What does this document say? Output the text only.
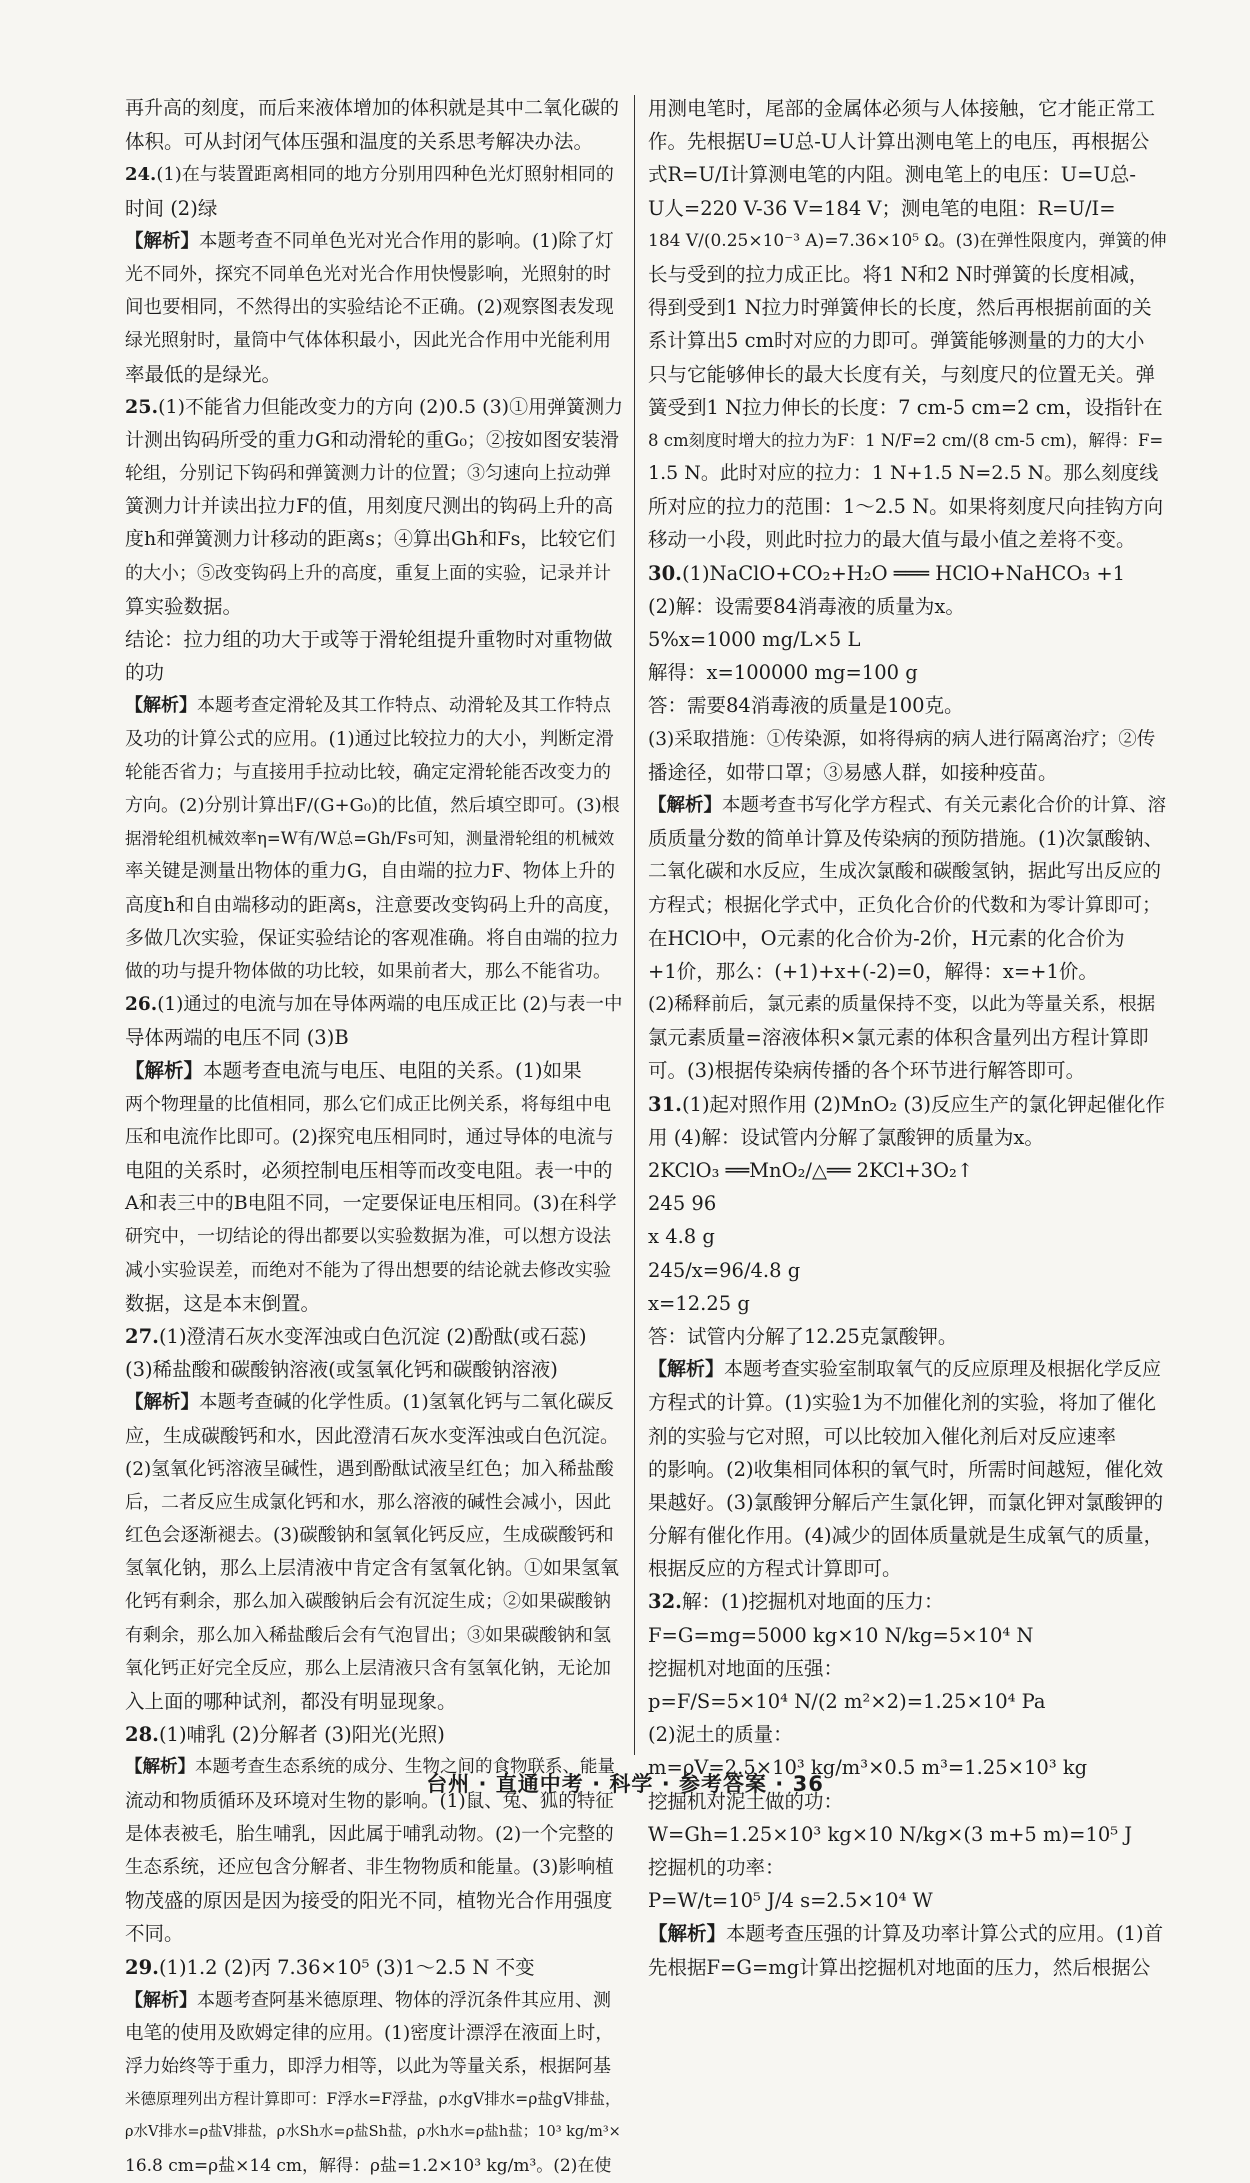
再升高的刻度，而后来液体增加的体积就是其中二氧化碳的
体积。可从封闭气体压强和温度的关系思考解决办法。
24.(1)在与装置距离相同的地方分别用四种色光灯照射相同的
时间 (2)绿
【解析】本题考查不同单色光对光合作用的影响。(1)除了灯
光不同外，探究不同单色光对光合作用快慢影响，光照射的时
间也要相同，不然得出的实验结论不正确。(2)观察图表发现
绿光照射时，量筒中气体体积最小，因此光合作用中光能利用
率最低的是绿光。
25.(1)不能省力但能改变力的方向 (2)0.5 (3)①用弹簧测力
计测出钩码所受的重力G和动滑轮的重G₀；②按如图安装滑
轮组，分别记下钩码和弹簧测力计的位置；③匀速向上拉动弹
簧测力计并读出拉力F的值，用刻度尺测出的钩码上升的高
度h和弹簧测力计移动的距离s；④算出Gh和Fs，比较它们
的大小；⑤改变钩码上升的高度，重复上面的实验，记录并计
算实验数据。
结论：拉力组的功大于或等于滑轮组提升重物时对重物做
的功
【解析】本题考查定滑轮及其工作特点、动滑轮及其工作特点
及功的计算公式的应用。(1)通过比较拉力的大小，判断定滑
轮能否省力；与直接用手拉动比较，确定定滑轮能否改变力的
方向。(2)分别计算出F/(G+G₀)的比值，然后填空即可。(3)根
据滑轮组机械效率η=W有/W总=Gh/Fs可知，测量滑轮组的机械效
率关键是测量出物体的重力G，自由端的拉力F、物体上升的
高度h和自由端移动的距离s，注意要改变钩码上升的高度，
多做几次实验，保证实验结论的客观准确。将自由端的拉力
做的功与提升物体做的功比较，如果前者大，那么不能省功。
26.(1)通过的电流与加在导体两端的电压成正比 (2)与表一中
导体两端的电压不同 (3)B
【解析】本题考查电流与电压、电阻的关系。(1)如果
两个物理量的比值相同，那么它们成正比例关系，将每组中电
压和电流作比即可。(2)探究电压相同时，通过导体的电流与
电阻的关系时，必须控制电压相等而改变电阻。表一中的
A和表三中的B电阻不同，一定要保证电压相同。(3)在科学
研究中，一切结论的得出都要以实验数据为准，可以想方设法
减小实验误差，而绝对不能为了得出想要的结论就去修改实验
数据，这是本末倒置。
27.(1)澄清石灰水变浑浊或白色沉淀 (2)酚酞(或石蕊)
(3)稀盐酸和碳酸钠溶液(或氢氧化钙和碳酸钠溶液)
【解析】本题考查碱的化学性质。(1)氢氧化钙与二氧化碳反
应，生成碳酸钙和水，因此澄清石灰水变浑浊或白色沉淀。
(2)氢氧化钙溶液呈碱性，遇到酚酞试液呈红色；加入稀盐酸
后，二者反应生成氯化钙和水，那么溶液的碱性会减小，因此
红色会逐渐褪去。(3)碳酸钠和氢氧化钙反应，生成碳酸钙和
氢氧化钠，那么上层清液中肯定含有氢氧化钠。①如果氢氧
化钙有剩余，那么加入碳酸钠后会有沉淀生成；②如果碳酸钠
有剩余，那么加入稀盐酸后会有气泡冒出；③如果碳酸钠和氢
氧化钙正好完全反应，那么上层清液只含有氢氧化钠，无论加
入上面的哪种试剂，都没有明显现象。
28.(1)哺乳 (2)分解者 (3)阳光(光照)
【解析】本题考查生态系统的成分、生物之间的食物联系、能量
流动和物质循环及环境对生物的影响。(1)鼠、兔、狐的特征
是体表被毛，胎生哺乳，因此属于哺乳动物。(2)一个完整的
生态系统，还应包含分解者、非生物物质和能量。(3)影响植
物茂盛的原因是因为接受的阳光不同，植物光合作用强度
不同。
29.(1)1.2 (2)丙 7.36×10⁵ (3)1～2.5 N 不变
【解析】本题考查阿基米德原理、物体的浮沉条件其应用、测
电笔的使用及欧姆定律的应用。(1)密度计漂浮在液面上时，
浮力始终等于重力，即浮力相等，以此为等量关系，根据阿基
米德原理列出方程计算即可：F浮水=F浮盐，ρ水gV排水=ρ盐gV排盐，
ρ水V排水=ρ盐V排盐，ρ水Sh水=ρ盐Sh盐，ρ水h水=ρ盐h盐；10³ kg/m³×
16.8 cm=ρ盐×14 cm，解得：ρ盐=1.2×10³ kg/m³。(2)在使
用测电笔时，尾部的金属体必须与人体接触，它才能正常工
作。先根据U=U总-U人计算出测电笔上的电压，再根据公
式R=U/I计算测电笔的内阻。测电笔上的电压：U=U总-
U人=220 V-36 V=184 V；测电笔的电阻：R=U/I=
184 V/(0.25×10⁻³ A)=7.36×10⁵ Ω。(3)在弹性限度内，弹簧的伸
长与受到的拉力成正比。将1 N和2 N时弹簧的长度相减，
得到受到1 N拉力时弹簧伸长的长度，然后再根据前面的关
系计算出5 cm时对应的力即可。弹簧能够测量的力的大小
只与它能够伸长的最大长度有关，与刻度尺的位置无关。弹
簧受到1 N拉力伸长的长度：7 cm-5 cm=2 cm，设指针在
8 cm刻度时增大的拉力为F：1 N/F=2 cm/(8 cm-5 cm)，解得：F=
1.5 N。此时对应的拉力：1 N+1.5 N=2.5 N。那么刻度线
所对应的拉力的范围：1～2.5 N。如果将刻度尺向挂钩方向
移动一小段，则此时拉力的最大值与最小值之差将不变。
30.(1)NaClO+CO₂+H₂O ═══ HClO+NaHCO₃ +1
(2)解：设需要84消毒液的质量为x。
5%x=1000 mg/L×5 L
解得：x=100000 mg=100 g
答：需要84消毒液的质量是100克。
(3)采取措施：①传染源，如将得病的病人进行隔离治疗；②传
播途径，如带口罩；③易感人群，如接种疫苗。
【解析】本题考查书写化学方程式、有关元素化合价的计算、溶
质质量分数的简单计算及传染病的预防措施。(1)次氯酸钠、
二氧化碳和水反应，生成次氯酸和碳酸氢钠，据此写出反应的
方程式；根据化学式中，正负化合价的代数和为零计算即可；
在HClO中，O元素的化合价为-2价，H元素的化合价为
+1价，那么：(+1)+x+(-2)=0，解得：x=+1价。
(2)稀释前后，氯元素的质量保持不变，以此为等量关系，根据
氯元素质量=溶液体积×氯元素的体积含量列出方程计算即
可。(3)根据传染病传播的各个环节进行解答即可。
31.(1)起对照作用 (2)MnO₂ (3)反应生产的氯化钾起催化作
用 (4)解：设试管内分解了氯酸钾的质量为x。
2KClO₃ ══MnO₂/△══ 2KCl+3O₂↑
245 96
x 4.8 g
245/x=96/4.8 g
x=12.25 g
答：试管内分解了12.25克氯酸钾。
【解析】本题考查实验室制取氧气的反应原理及根据化学反应
方程式的计算。(1)实验1为不加催化剂的实验，将加了催化
剂的实验与它对照，可以比较加入催化剂后对反应速率
的影响。(2)收集相同体积的氧气时，所需时间越短，催化效
果越好。(3)氯酸钾分解后产生氯化钾，而氯化钾对氯酸钾的
分解有催化作用。(4)减少的固体质量就是生成氧气的质量，
根据反应的方程式计算即可。
32.解：(1)挖掘机对地面的压力：
F=G=mg=5000 kg×10 N/kg=5×10⁴ N
挖掘机对地面的压强：
p=F/S=5×10⁴ N/(2 m²×2)=1.25×10⁴ Pa
(2)泥土的质量：
m=ρV=2.5×10³ kg/m³×0.5 m³=1.25×10³ kg
挖掘机对泥土做的功：
W=Gh=1.25×10³ kg×10 N/kg×(3 m+5 m)=10⁵ J
挖掘机的功率：
P=W/t=10⁵ J/4 s=2.5×10⁴ W
【解析】本题考查压强的计算及功率计算公式的应用。(1)首
先根据F=G=mg计算出挖掘机对地面的压力，然后根据公
台州 · 直通中考 · 科学 · 参考答案 · 36
